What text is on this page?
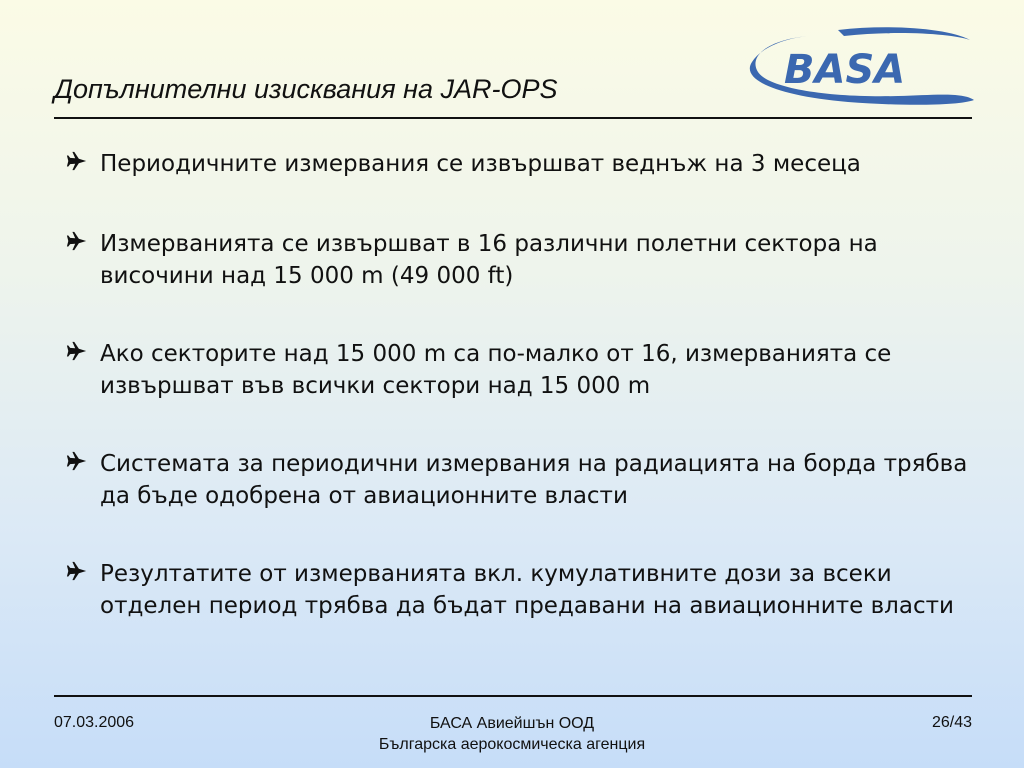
BASA
Допълнителни изисквания на JAR-OPS
Периодичните измервания се извършват веднъж на 3 месеца
Измерванията се извършват в 16 различни полетни сектора на височини над 15 000 m (49 000 ft)
Ако секторите над 15 000 m са по-малко от 16, измерванията се извършват във всички сектори над 15 000 m
Системата за периодични измервания на радиацията на борда трябва да бъде одобрена от авиационните власти
Резултатите от измерванията вкл. кумулативните дози за всеки отделен период трябва да бъдат предавани на авиационните власти
07.03.2006	БАСА Авиейшън ООД
Българска аерокосмическа агенция
26/43
